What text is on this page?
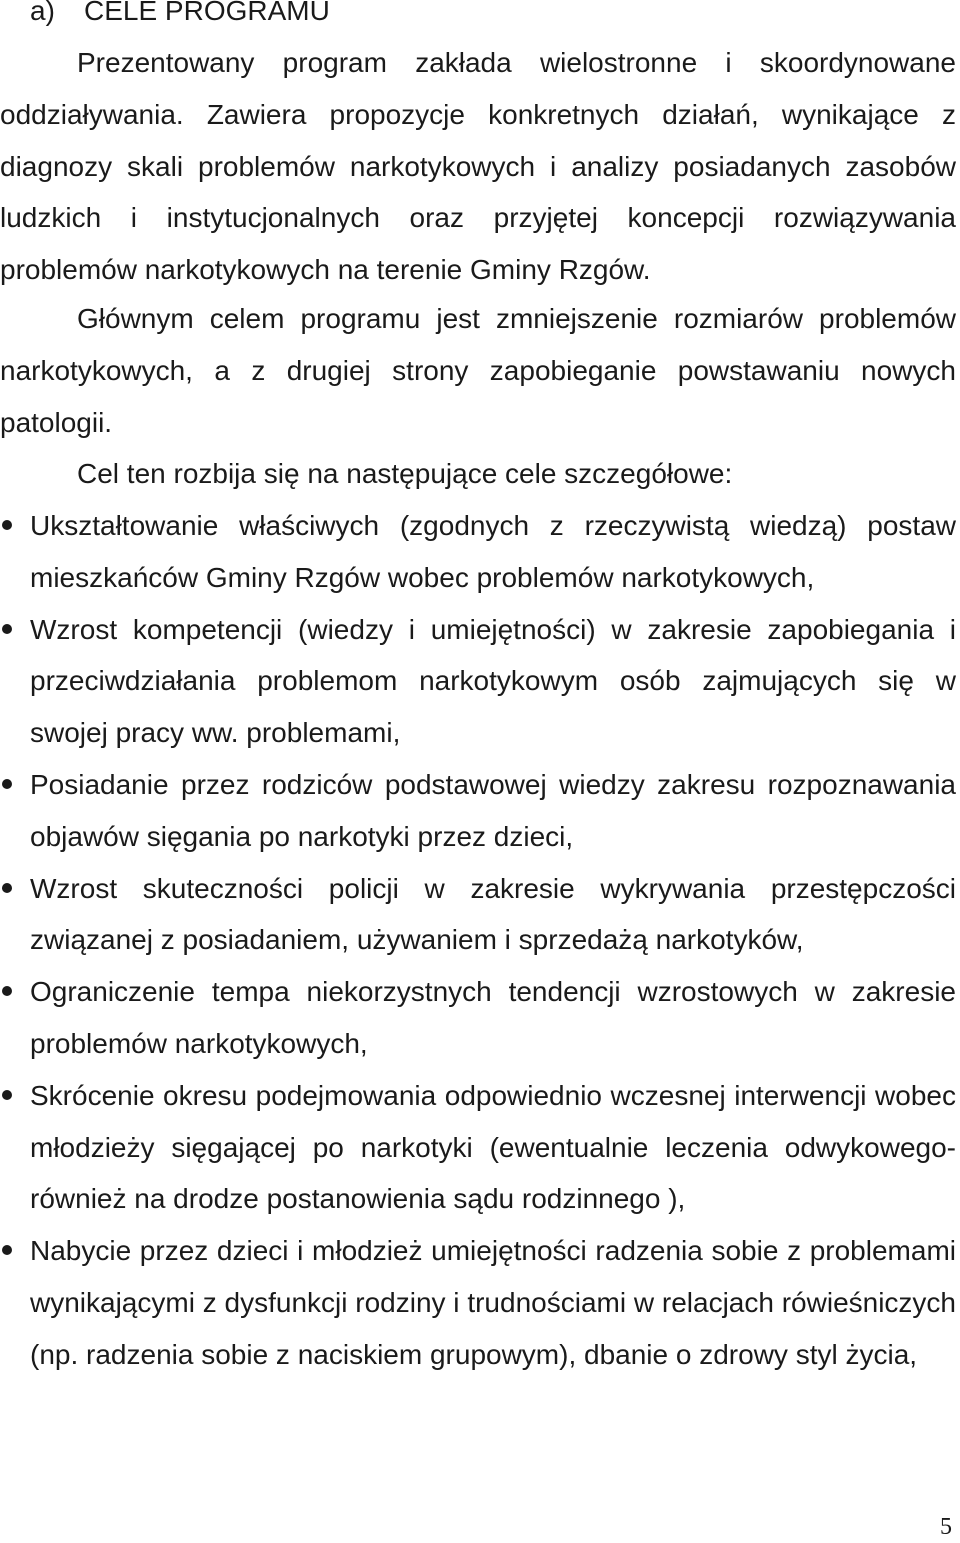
a) CELE PROGRAMU

Prezentowany program zakłada wielostronne i skoordynowane oddziaływania. Zawiera propozycje konkretnych działań, wynikające z diagnozy skali problemów narkotykowych i analizy posiadanych zasobów ludzkich i instytucjonalnych oraz przyjętej koncepcji rozwiązywania problemów narkotykowych na terenie Gminy Rzgów.

Głównym celem programu jest zmniejszenie rozmiarów problemów narkotykowych, a z drugiej strony zapobieganie powstawaniu nowych patologii.

Cel ten rozbija się na następujące cele szczegółowe:

Ukształtowanie właściwych (zgodnych z rzeczywistą wiedzą) postaw mieszkańców Gminy Rzgów wobec problemów narkotykowych,
Wzrost kompetencji (wiedzy i umiejętności) w zakresie zapobiegania i przeciwdziałania problemom narkotykowym osób zajmujących się w swojej pracy ww. problemami,
Posiadanie przez rodziców podstawowej wiedzy zakresu rozpoznawania objawów sięgania po narkotyki przez dzieci,
Wzrost skuteczności policji w zakresie wykrywania przestępczości związanej z posiadaniem, używaniem i sprzedażą narkotyków,
Ograniczenie tempa niekorzystnych tendencji wzrostowych w zakresie problemów narkotykowych,
Skrócenie okresu podejmowania odpowiednio wczesnej interwencji wobec młodzieży sięgającej po narkotyki (ewentualnie leczenia odwykowego-również na drodze postanowienia sądu rodzinnego ),
Nabycie przez dzieci i młodzież umiejętności radzenia sobie z problemami wynikającymi z dysfunkcji rodziny i trudnościami w relacjach rówieśniczych (np. radzenia sobie z naciskiem grupowym), dbanie o zdrowy styl życia,
5
